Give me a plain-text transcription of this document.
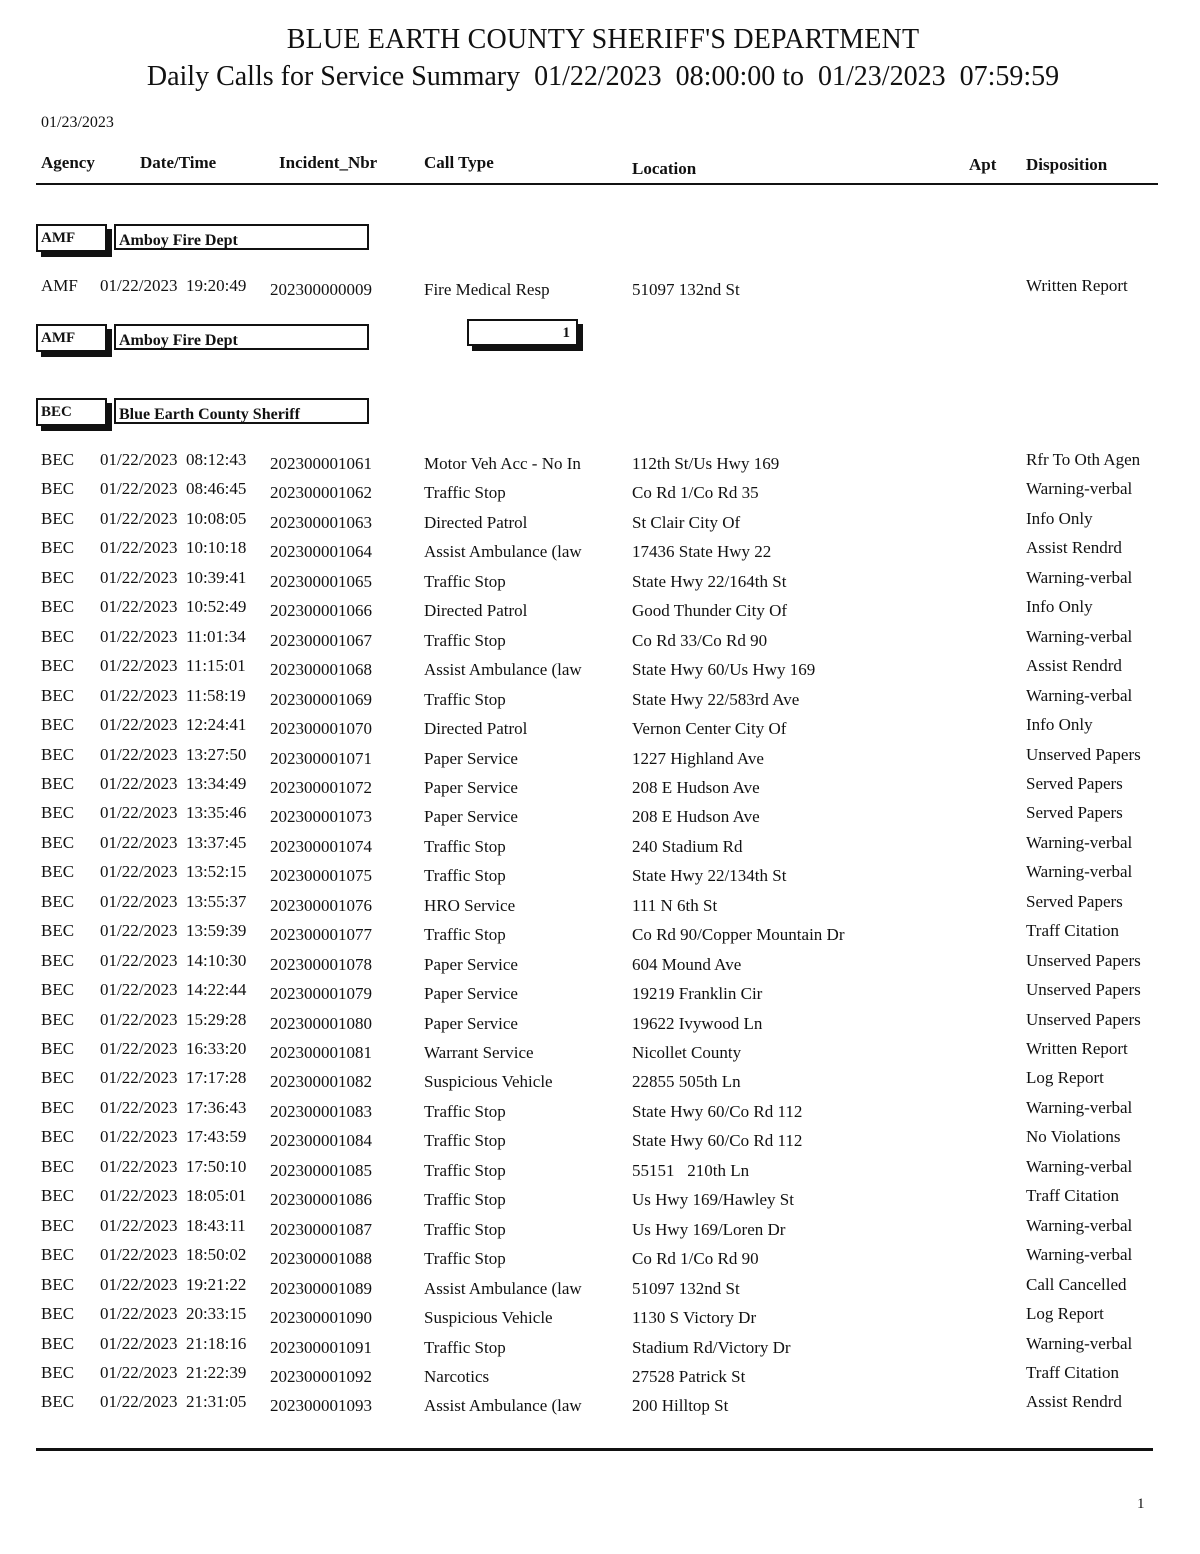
BLUE EARTH COUNTY SHERIFF'S DEPARTMENT
Daily Calls for Service Summary  01/22/2023  08:00:00 to  01/23/2023  07:59:59
01/23/2023
Agency	Date/Time	Incident_Nbr	Call Type	Location	Apt Disposition
AMF	Amboy Fire Dept
AMF 01/22/2023  19:20:49 202300000009	Fire Medical Resp	51097 132nd St	Written Report
AMF	Amboy Fire Dept	1
BEC	Blue Earth County Sheriff
BEC 01/22/2023  08:12:43 202300001061	Motor Veh Acc - No In	112th St/Us Hwy 169	Rfr To Oth Agen
BEC 01/22/2023  08:46:45 202300001062	Traffic Stop	Co Rd 1/Co Rd 35	Warning-verbal
BEC 01/22/2023  10:08:05 202300001063	Directed Patrol	St Clair City Of	Info Only
BEC 01/22/2023  10:10:18 202300001064	Assist Ambulance (law	17436 State Hwy 22	Assist Rendrd
BEC 01/22/2023  10:39:41 202300001065	Traffic Stop	State Hwy 22/164th St	Warning-verbal
BEC 01/22/2023  10:52:49 202300001066	Directed Patrol	Good Thunder City Of	Info Only
BEC 01/22/2023  11:01:34 202300001067	Traffic Stop	Co Rd 33/Co Rd 90	Warning-verbal
BEC 01/22/2023  11:15:01 202300001068	Assist Ambulance (law	State Hwy 60/Us Hwy 169	Assist Rendrd
BEC 01/22/2023  11:58:19 202300001069	Traffic Stop	State Hwy 22/583rd Ave	Warning-verbal
BEC 01/22/2023  12:24:41 202300001070	Directed Patrol	Vernon Center City Of	Info Only
BEC 01/22/2023  13:27:50 202300001071	Paper Service	1227 Highland Ave	Unserved Papers
BEC 01/22/2023  13:34:49 202300001072	Paper Service	208 E Hudson Ave	Served Papers
BEC 01/22/2023  13:35:46 202300001073	Paper Service	208 E Hudson Ave	Served Papers
BEC 01/22/2023  13:37:45 202300001074	Traffic Stop	240 Stadium Rd	Warning-verbal
BEC 01/22/2023  13:52:15 202300001075	Traffic Stop	State Hwy 22/134th St	Warning-verbal
BEC 01/22/2023  13:55:37 202300001076	HRO Service	111 N 6th St	Served Papers
BEC 01/22/2023  13:59:39 202300001077	Traffic Stop	Co Rd 90/Copper Mountain Dr	Traff Citation
BEC 01/22/2023  14:10:30 202300001078	Paper Service	604 Mound Ave	Unserved Papers
BEC 01/22/2023  14:22:44 202300001079	Paper Service	19219 Franklin Cir	Unserved Papers
BEC 01/22/2023  15:29:28 202300001080	Paper Service	19622 Ivywood Ln	Unserved Papers
BEC 01/22/2023  16:33:20 202300001081	Warrant Service	Nicollet County	Written Report
BEC 01/22/2023  17:17:28 202300001082	Suspicious Vehicle	22855 505th Ln	Log Report
BEC 01/22/2023  17:36:43 202300001083	Traffic Stop	State Hwy 60/Co Rd 112	Warning-verbal
BEC 01/22/2023  17:43:59 202300001084	Traffic Stop	State Hwy 60/Co Rd 112	No Violations
BEC 01/22/2023  17:50:10 202300001085	Traffic Stop	55151   210th Ln	Warning-verbal
BEC 01/22/2023  18:05:01 202300001086	Traffic Stop	Us Hwy 169/Hawley St	Traff Citation
BEC 01/22/2023  18:43:11 202300001087	Traffic Stop	Us Hwy 169/Loren Dr	Warning-verbal
BEC 01/22/2023  18:50:02 202300001088	Traffic Stop	Co Rd 1/Co Rd 90	Warning-verbal
BEC 01/22/2023  19:21:22 202300001089	Assist Ambulance (law	51097 132nd St	Call Cancelled
BEC 01/22/2023  20:33:15 202300001090	Suspicious Vehicle	1130 S Victory Dr	Log Report
BEC 01/22/2023  21:18:16 202300001091	Traffic Stop	Stadium Rd/Victory Dr	Warning-verbal
BEC 01/22/2023  21:22:39 202300001092	Narcotics	27528 Patrick St	Traff Citation
BEC 01/22/2023  21:31:05 202300001093	Assist Ambulance (law	200 Hilltop St	Assist Rendrd
1
